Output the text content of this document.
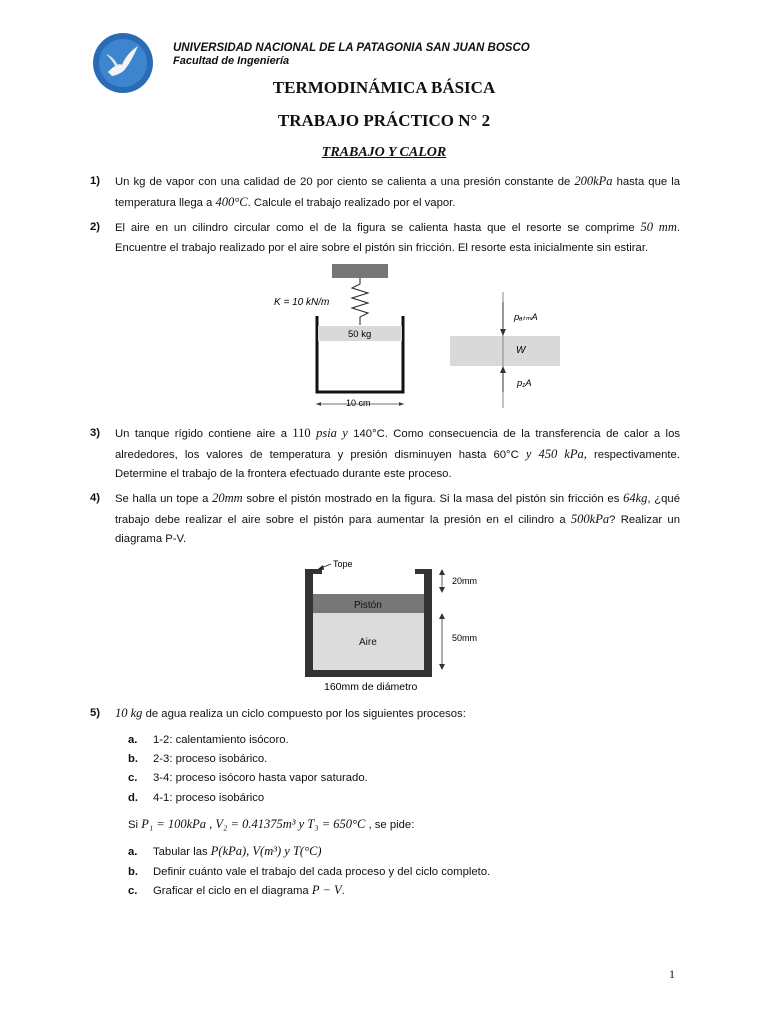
UNIVERSIDAD NACIONAL DE LA PATAGONIA SAN JUAN BOSCO
Facultad de Ingeniería
TERMODINÁMICA BÁSICA
TRABAJO PRÁCTICO N° 2
TRABAJO Y CALOR
1) Un kg de vapor con una calidad de 20 por ciento se calienta a una presión constante de 200kPa hasta que la temperatura llega a 400°C. Calcule el trabajo realizado por el vapor.
2) El aire en un cilindro circular como el de la figura se calienta hasta que el resorte se comprime 50 mm. Encuentre el trabajo realizado por el aire sobre el pistón sin fricción. El resorte esta inicialmente sin estirar.
K = 10 kN/m
50 kg
10 cm
pₐₜₘA
W
p₁A
3) Un tanque rígido contiene aire a 110 psia y 140°C. Como consecuencia de la transferencia de calor a los alrededores, los valores de temperatura y presión disminuyen hasta 60°C y 450 kPa, respectivamente. Determine el trabajo de la frontera efectuado durante este proceso.
4) Se halla un tope a 20mm sobre el pistón mostrado en la figura. Si la masa del pistón sin fricción es 64kg, ¿qué trabajo debe realizar el aire sobre el pistón para aumentar la presión en el cilindro a 500kPa? Realizar un diagrama P-V.
Pistón
Aire
Tope
20mm
50mm
160mm de diámetro
5) 10 kg de agua realiza un ciclo compuesto por los siguientes procesos:
a. 1-2: calentamiento isócoro.
b. 2-3: proceso isobárico.
c. 3-4: proceso isócoro hasta vapor saturado.
d. 4-1: proceso isobárico
Si P₁ = 100kPa , V₂ = 0.41375m³ y T₃ = 650°C , se pide:
a. Tabular las P(kPa), V(m³) y T(°C)
b. Definir cuánto vale el trabajo del cada proceso y del ciclo completo.
c. Graficar el ciclo en el diagrama P − V.
1
